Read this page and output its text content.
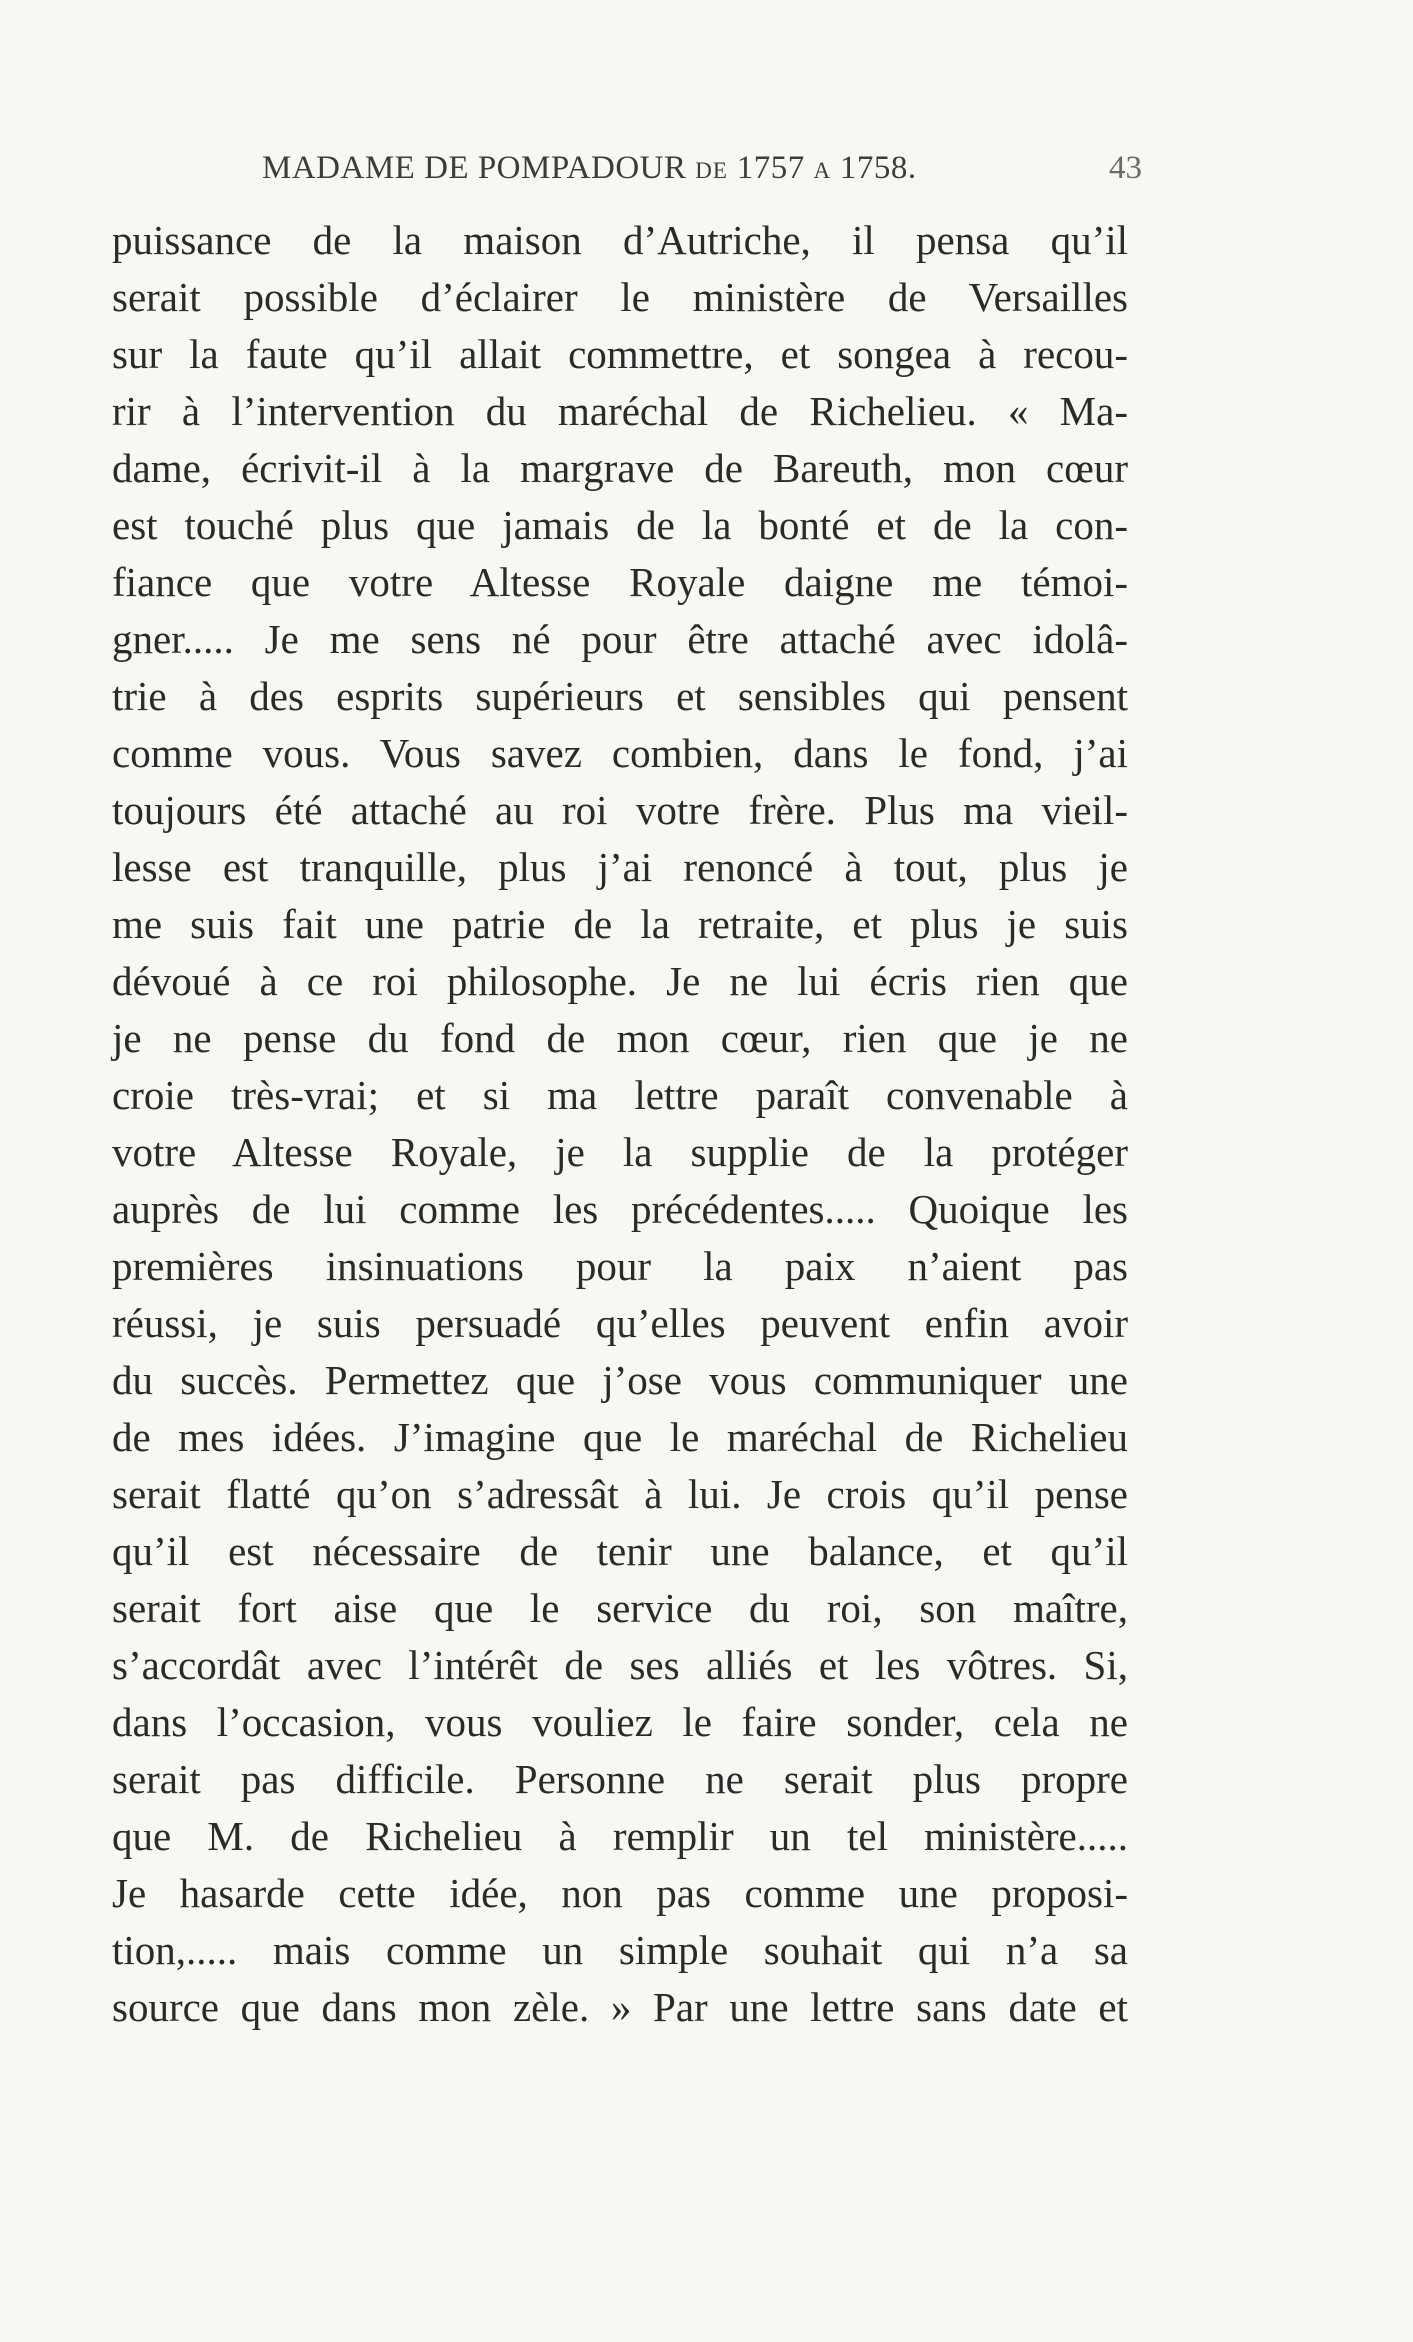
MADAME DE POMPADOUR DE 1757 A 1758.	43
puissance de la maison d’Autriche, il pensa qu’il
serait possible d’éclairer le ministère de Versailles
sur la faute qu’il allait commettre, et songea à recou-
rir à l’intervention du maréchal de Richelieu. « Ma-
dame, écrivit-il à la margrave de Bareuth, mon cœur
est touché plus que jamais de la bonté et de la con-
fiance que votre Altesse Royale daigne me témoi-
gner..... Je me sens né pour être attaché avec idolâ-
trie à des esprits supérieurs et sensibles qui pensent
comme vous. Vous savez combien, dans le fond, j’ai
toujours été attaché au roi votre frère. Plus ma vieil-
lesse est tranquille, plus j’ai renoncé à tout, plus je
me suis fait une patrie de la retraite, et plus je suis
dévoué à ce roi philosophe. Je ne lui écris rien que
je ne pense du fond de mon cœur, rien que je ne
croie très-vrai; et si ma lettre paraît convenable à
votre Altesse Royale, je la supplie de la protéger
auprès de lui comme les précédentes..... Quoique les
premières insinuations pour la paix n’aient pas
réussi, je suis persuadé qu’elles peuvent enfin avoir
du succès. Permettez que j’ose vous communiquer une
de mes idées. J’imagine que le maréchal de Richelieu
serait flatté qu’on s’adressât à lui. Je crois qu’il pense
qu’il est nécessaire de tenir une balance, et qu’il
serait fort aise que le service du roi, son maître,
s’accordât avec l’intérêt de ses alliés et les vôtres. Si,
dans l’occasion, vous vouliez le faire sonder, cela ne
serait pas difficile. Personne ne serait plus propre
que M. de Richelieu à remplir un tel ministère.....
Je hasarde cette idée, non pas comme une proposi-
tion,..... mais comme un simple souhait qui n’a sa
source que dans mon zèle. » Par une lettre sans date et
